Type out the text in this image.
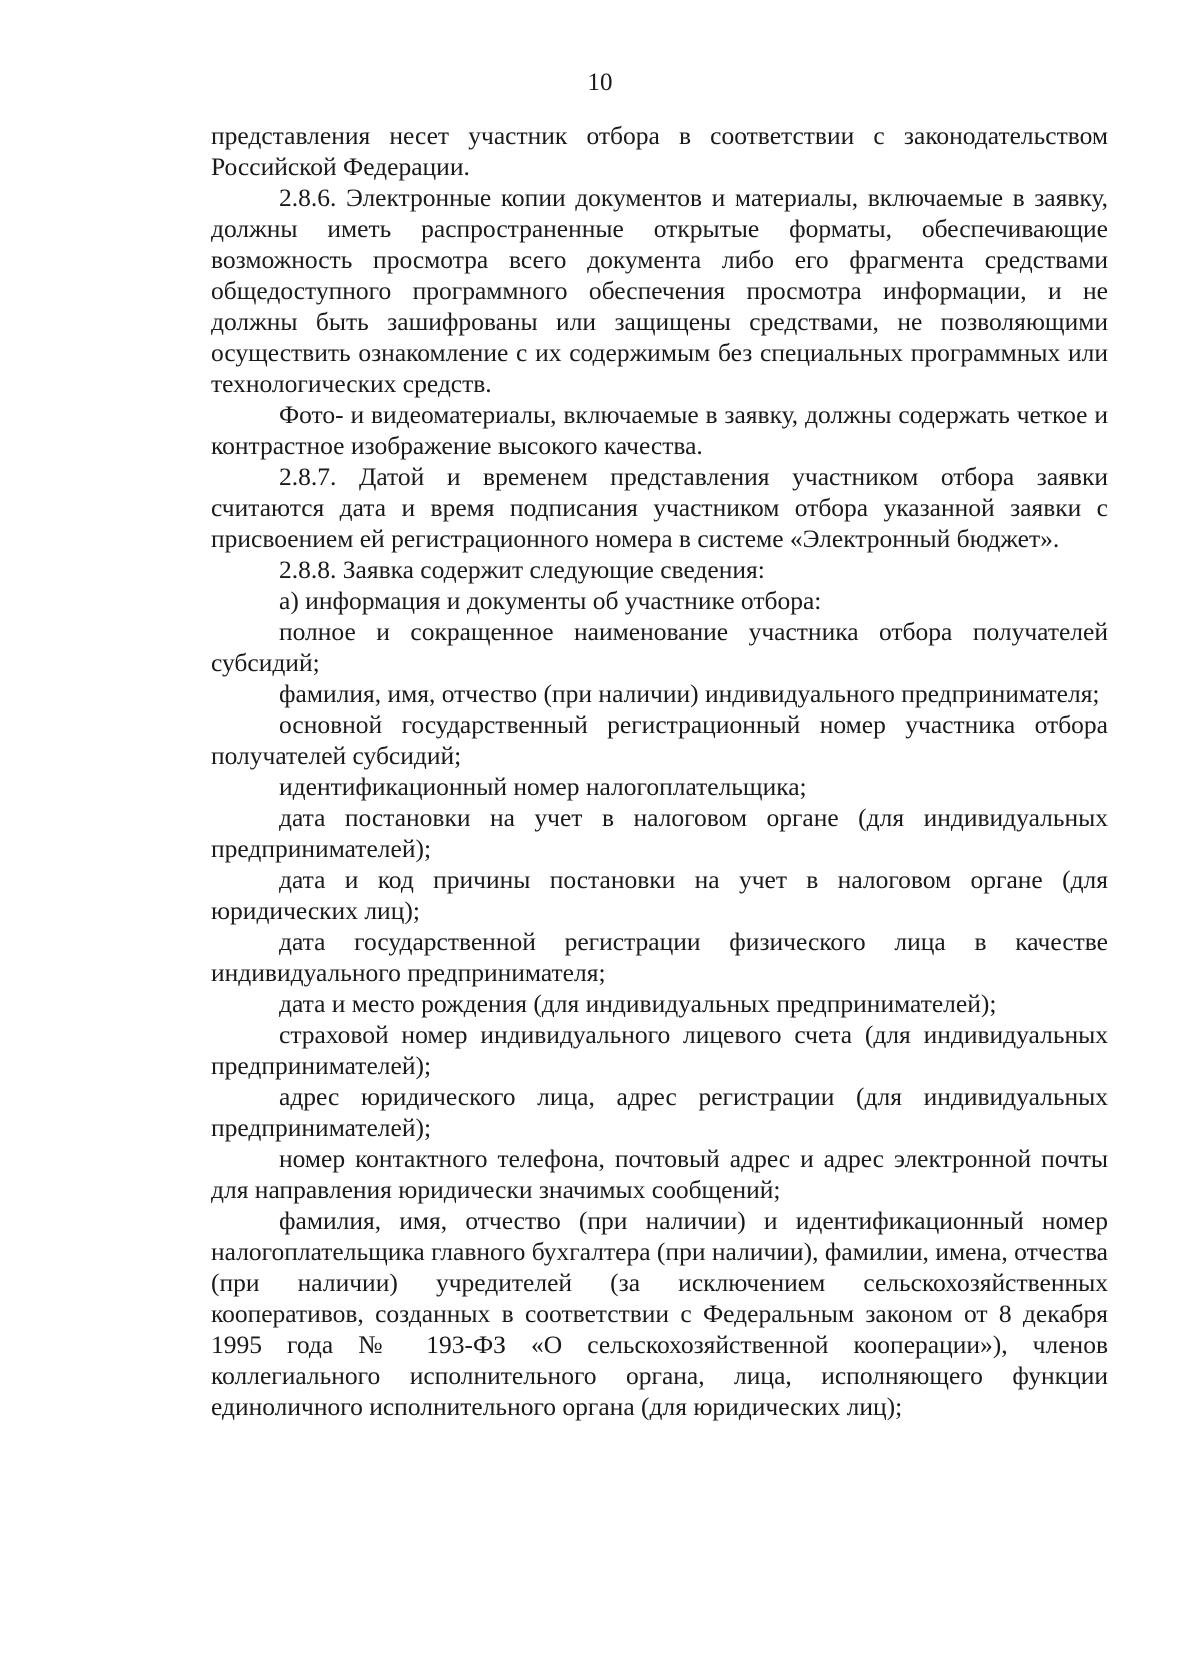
10

представления несет участник отбора в соответствии с законодательством Российской Федерации.

2.8.6. Электронные копии документов и материалы, включаемые в заявку, должны иметь распространенные открытые форматы, обеспечивающие возможность просмотра всего документа либо его фрагмента средствами общедоступного программного обеспечения просмотра информации, и не должны быть зашифрованы или защищены средствами, не позволяющими осуществить ознакомление с их содержимым без специальных программных или технологических средств.

Фото- и видеоматериалы, включаемые в заявку, должны содержать четкое и контрастное изображение высокого качества.

2.8.7. Датой и временем представления участником отбора заявки считаются дата и время подписания участником отбора указанной заявки с присвоением ей регистрационного номера в системе «Электронный бюджет».

2.8.8. Заявка содержит следующие сведения:

а) информация и документы об участнике отбора:

полное и сокращенное наименование участника отбора получателей субсидий;

фамилия, имя, отчество (при наличии) индивидуального предпринимателя;

основной государственный регистрационный номер участника отбора получателей субсидий;

идентификационный номер налогоплательщика;

дата постановки на учет в налоговом органе (для индивидуальных предпринимателей);

дата и код причины постановки на учет в налоговом органе (для юридических лиц);

дата государственной регистрации физического лица в качестве индивидуального предпринимателя;

дата и место рождения (для индивидуальных предпринимателей);

страховой номер индивидуального лицевого счета (для индивидуальных предпринимателей);

адрес юридического лица, адрес регистрации (для индивидуальных предпринимателей);

номер контактного телефона, почтовый адрес и адрес электронной почты для направления юридически значимых сообщений;

фамилия, имя, отчество (при наличии) и идентификационный номер налогоплательщика главного бухгалтера (при наличии), фамилии, имена, отчества (при наличии) учредителей (за исключением сельскохозяйственных кооперативов, созданных в соответствии с Федеральным законом от 8 декабря 1995 года № 193-ФЗ «О сельскохозяйственной кооперации»), членов коллегиального исполнительного органа, лица, исполняющего функции единоличного исполнительного органа (для юридических лиц);
